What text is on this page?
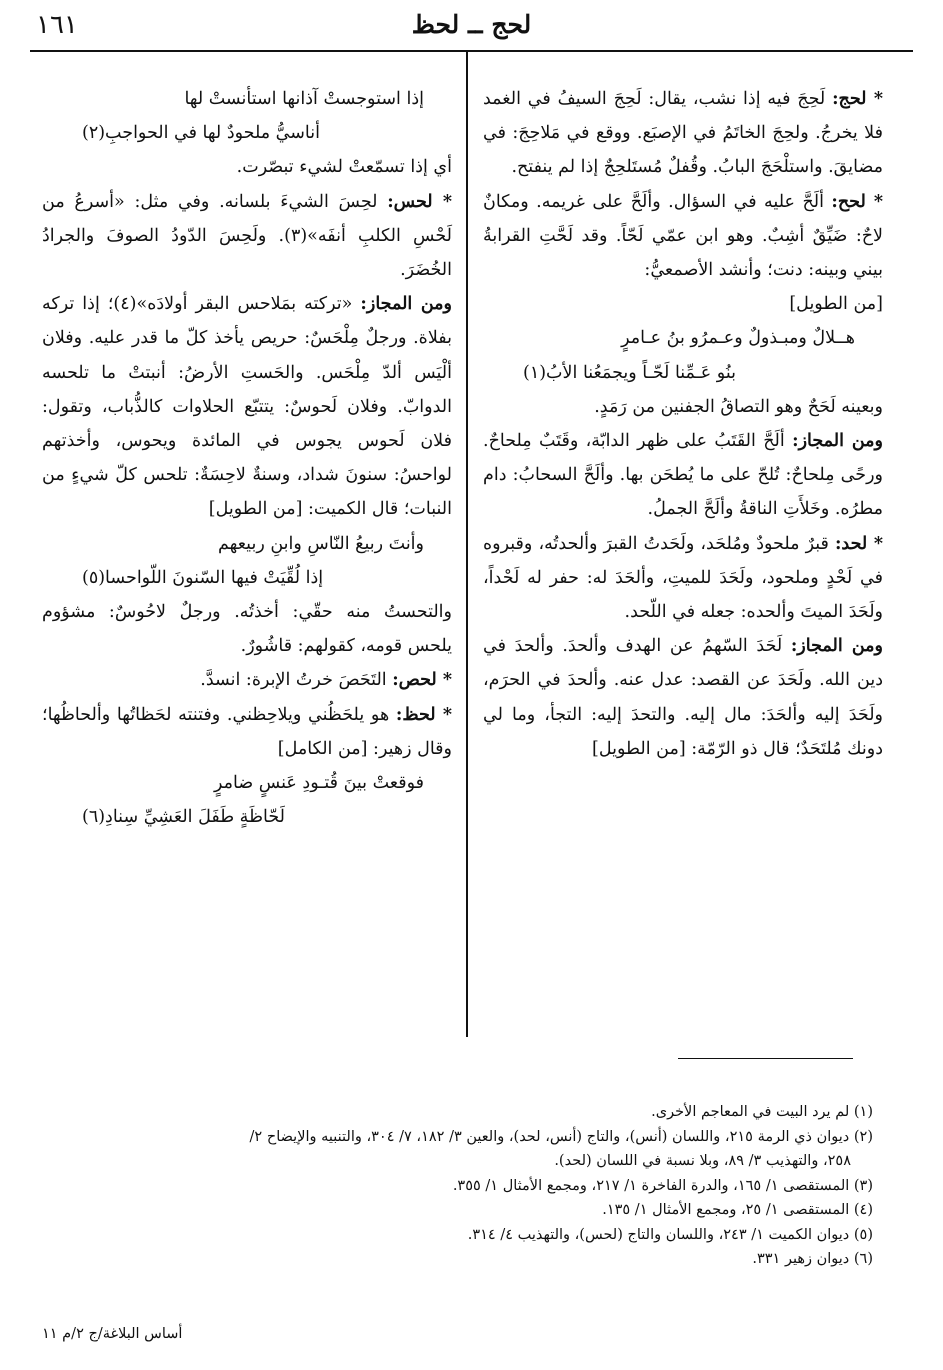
لحج ــ لحظ
١٦١

* لحج: لَحِجَ فيه إذا نشب، يقال: لَحِجَ السيفُ في الغمد فلا يخرجُ. ولحِجَ الخاتَمُ في الإصبَع. ووقع في مَلاحِجَ: في مضايقَ. واستلْحَجَ البابُ. وقُفلٌ مُستَلحِجٌ إذا لم ينفتح.

* لحح: ألَحَّ عليه في السؤال. وألَحَّ على غريمه. ومكانٌ لاحٌ: ضَيِّقٌ أشِبٌ. وهو ابن عمّي لَحّاً. وقد لَحَّتِ القرابةُ بيني وبينه: دنت؛ وأنشد الأصمعيُّ:

[من الطويل]

هــلالٌ ومبـذولٌ وعـمرُو بنُ عـامرٍ

بنُو عَـمِّنا لَحّـاً ويجمَعُنا الأبُ(١)

وبعينه لَحَحٌ وهو التصاقُ الجفنين من رَمَدٍ.

ومن المجاز: ألَحَّ القَتَبُ على ظهر الدابّة، وقَتَبٌ مِلحاحٌ. ورحًى مِلحاحٌ: تُلحّ على ما يُطحَن بها. وألَحَّ السحابُ: دام مطرُه. وخَلأَتِ الناقةُ وألَحَّ الجملُ.

* لحد: قبرٌ ملحودٌ ومُلحَد، ولَحَدتُ القبرَ وألحدتُه، وقبروه في لَحْدٍ وملحود، ولَحَدَ للميتِ، وألحَدَ له: حفر له لَحْداً، ولَحَدَ الميتَ وألحده: جعله في اللّحد.

ومن المجاز: لَحَدَ السّهمُ عن الهدف وألحدَ. وألحدَ في دين الله. ولَحَدَ عن القصد: عدل عنه. وألحدَ في الحرَم، ولَحَدَ إليه وألحَدَ: مال إليه. والتحدَ إليه: التجأ، وما لي دونك مُلتَحَدٌ؛ قال ذو الرّمّة: [من الطويل]

إذا استوجستْ آذانها استأنستْ لها

أناسيُّ ملحودٌ لها في الحواجبِ(٢)

أي إذا تسمّعتْ لشيء تبصّرت.

* لحس: لحِسَ الشيءَ بلسانه. وفي مثل: «أسرعُ من لَحْسِ الكلبِ أنفَه»(٣). ولَحِسَ الدّودُ الصوفَ والجرادُ الخُضَرَ.

ومن المجاز: «تركته بمَلاحس البقر أولادَه»(٤)؛ إذا تركه بفلاة. ورجلٌ مِلْحَسٌ: حريص يأخذ كلّ ما قدر عليه. وفلان ألْيَس ألدّ مِلْحَس. والحَستِ الأرضُ: أنبتتْ ما تلحسه الدوابّ. وفلان لَحوسٌ: يتتبّع الحلاوات كالذُّباب، وتقول: فلان لَحوس يجوس في المائدة ويحوس، وأخذتهم لواحسُ: سنونَ شداد، وسنةٌ لاحِسَةٌ: تلحس كلّ شيءٍ من النبات؛ قال الكميت: [من الطويل]

وأنتَ ربيعُ النّاسِ وابنِ ربيعهم

إذا لُقِّيَتْ فيها السّنونَ اللّواحسا(٥)

والتحستُ منه حقّي: أخذتُه. ورجلٌ لاحُوسٌ: مشؤوم يلحس قومه، كقولهم: قاشُورٌ.

* لحص: التَحَصَ خرتُ الإبرة: انسدَّ.

* لحظ: هو يلحَظُني ويلاحِظني. وفتنته لحَظاتُها وألحاظُها؛ وقال زهير: [من الكامل]

فوقعتْ بينَ قُتـودِ عَنسٍ ضامرٍ

لَحّاظَةٍ طَفَلَ العَشِيِّ سِنادِ(٦)

(١) لم يرد البيت في المعاجم الأخرى.

(٢) ديوان ذي الرمة ٢١٥، واللسان (أنس)، والتاج (أنس، لحد)، والعين ٣/ ١٨٢، ٧/ ٣٠٤، والتنبيه والإيضاح ٢/

٢٥٨، والتهذيب ٣/ ٨٩، وبلا نسبة في اللسان (لحد).

(٣) المستقصى ١/ ١٦٥، والدرة الفاخرة ١/ ٢١٧، ومجمع الأمثال ١/ ٣٥٥.

(٤) المستقصى ١/ ٢٥، ومجمع الأمثال ١/ ١٣٥.

(٥) ديوان الكميت ١/ ٢٤٣، واللسان والتاج (لحس)، والتهذيب ٤/ ٣١٤.

(٦) ديوان زهير ٣٣١.

أساس البلاغة/ج ٢/م ١١
